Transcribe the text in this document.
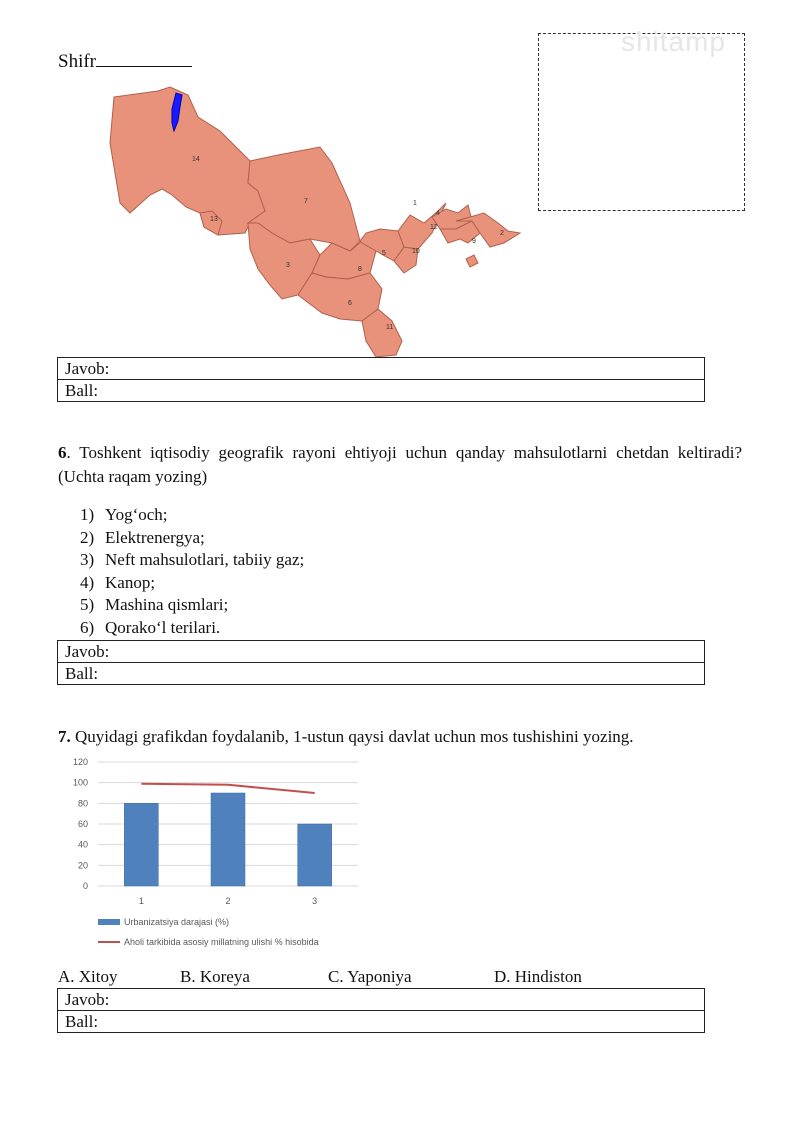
Shifr
shitamp
14
13
7
3
8
6
11
5	10
1
12
4
9
2
Javob:
Ball:
6. Toshkent iqtisodiy geografik rayoni ehtiyoji uchun qanday mahsulotlarni chetdan keltiradi? (Uchta raqam yozing)
1) Yog‘och;
2) Elektrenergya;
3) Neft mahsulotlari, tabiiy gaz;
4) Kanop;
5) Mashina qismlari;
6) Qorako‘l terilari.
Javob:
Ball:
7. Quyidagi grafikdan foydalanib, 1-ustun qaysi davlat uchun mos tushishini yozing.
0
20
40
60
80
100
120
1	2	3
Urbanizatsiya darajasi (%)
Aholi tarkibida asosiy millatning ulishi % hisobida
A. Xitoy	B. Koreya	C. Yaponiya	D. Hindiston
Javob:
Ball:
